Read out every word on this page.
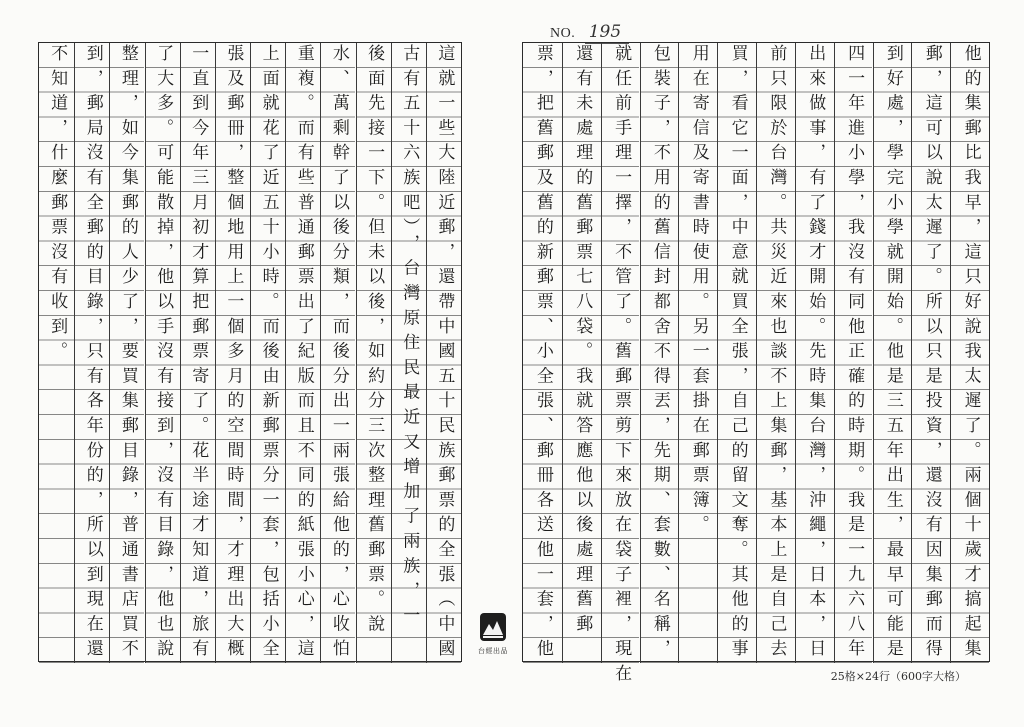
NO. 195
這就一些大陸近郵，還帶中國五十民族郵票的全張（中國
古有五十六族吧），台灣原住民最近又增加了兩族，一
後面先接一下。但未以後，如約分三次整理舊郵票。說
水、萬剩幹了以後分類，而後分出一兩張給他的，心收怕
重複。而有些普通郵票出了紀版而且不同的紙張小心，這
上面就花了近五十小時。而後由新郵票分一套，包括小全
張及郵冊，整個地用上一個多月的空間時間，才理出大概
一直到今年三月初才算把郵票寄了。花半途才知道，旅有
了大多。可能散掉，他以手沒有接到，沒有目錄，他也說
整理，如今集郵的人少了，要買集郵目錄，普通書店買不
到，郵局沒有全郵的目錄，只有各年份的，所以到現在還
不知道，什麼郵票沒有收到。	他的集郵比我早，這只好說我太遲了。兩個十歲才搞起集
郵，這可以說太遲了。所以只是投資，還沒有因集郵而得
到好處，學完小學就開始。他是三五年出生，最早可能是
四一年進小學，我沒有同他正確的時期。我是一九六八年
出來做事，有了錢才開始。先時集台灣，沖繩，日本，日
前只限於台灣。共災近來也談不上集郵，基本上是自己去
買，看它一面，中意就買全張，自己的留文奪。其他的事
用在寄信及寄書時使用。另一套掛在郵票簿。
包裝子，不用的舊信封都舍不得丟，先期、套數、名稱，
就任前手理一擇，不管了。舊郵票剪下來放在袋子裡，現在
還有未處理的舊郵票七八袋。我就答應他以後處理舊郵
票，把舊郵及舊的新郵票、小全張、郵冊各送他一套，他
台經出品
25格×24行（600字大格）
